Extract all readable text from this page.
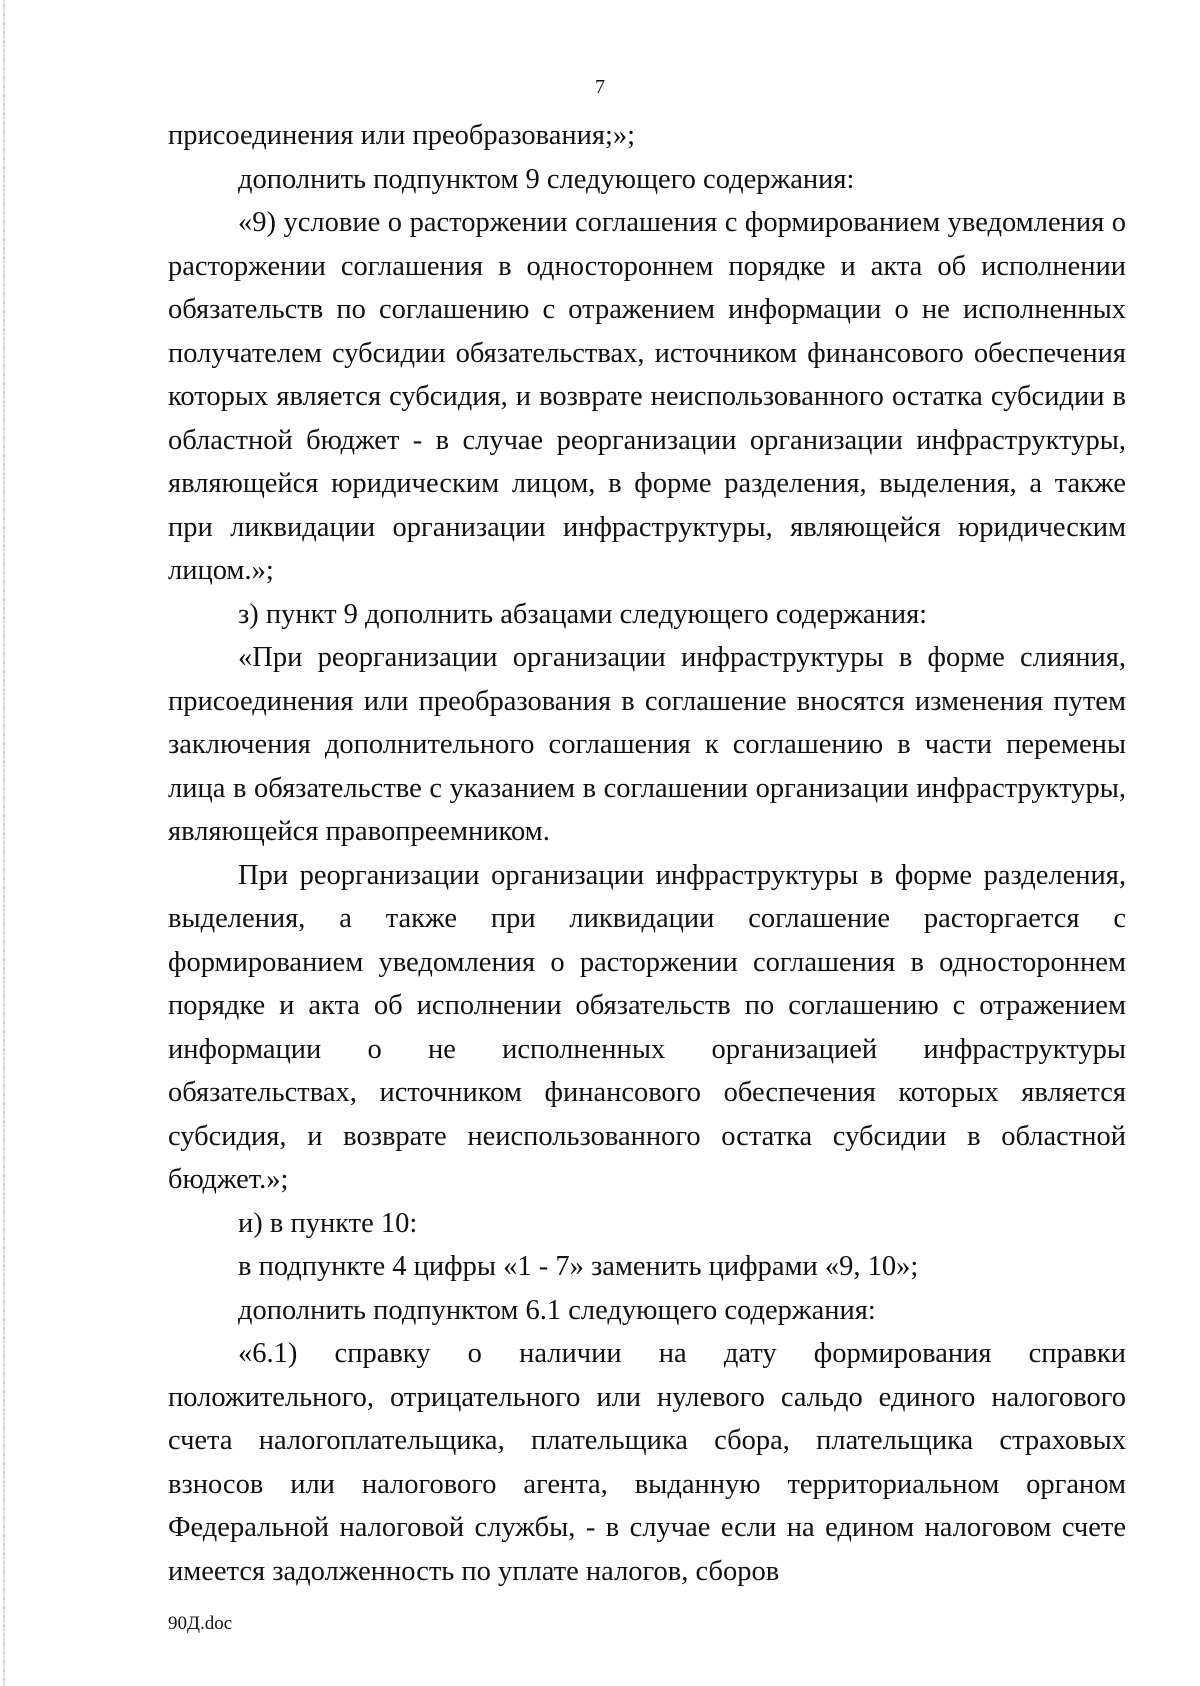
7

присоединения или преобразования;»;

дополнить подпунктом 9 следующего содержания:

«9) условие о расторжении соглашения с формированием уведомления о расторжении соглашения в одностороннем порядке и акта об исполнении обязательств по соглашению с отражением информации о не исполненных получателем субсидии обязательствах, источником финансового обеспечения которых является субсидия, и возврате неиспользованного остатка субсидии в областной бюджет - в случае реорганизации организации инфраструктуры, являющейся юридическим лицом, в форме разделения, выделения, а также при ликвидации организации инфраструктуры, являющейся юридическим лицом.»;

з) пункт 9 дополнить абзацами следующего содержания:

«При реорганизации организации инфраструктуры в форме слияния, присоединения или преобразования в соглашение вносятся изменения путем заключения дополнительного соглашения к соглашению в части перемены лица в обязательстве с указанием в соглашении организации инфраструктуры, являющейся правопреемником.

При реорганизации организации инфраструктуры в форме разделения, выделения, а также при ликвидации соглашение расторгается с формированием уведомления о расторжении соглашения в одностороннем порядке и акта об исполнении обязательств по соглашению с отражением информации о не исполненных организацией инфраструктуры обязательствах, источником финансового обеспечения которых является субсидия, и возврате неиспользованного остатка субсидии в областной бюджет.»;

и) в пункте 10:

в подпункте 4 цифры «1 - 7» заменить цифрами «9, 10»;

дополнить подпунктом 6.1 следующего содержания:

«6.1) справку о наличии на дату формирования справки положительного, отрицательного или нулевого сальдо единого налогового счета налогоплательщика, плательщика сбора, плательщика страховых взносов или налогового агента, выданную территориальном органом Федеральной налоговой службы, - в случае если на едином налоговом счете имеется задолженность по уплате налогов, сборов

90Д.doc
